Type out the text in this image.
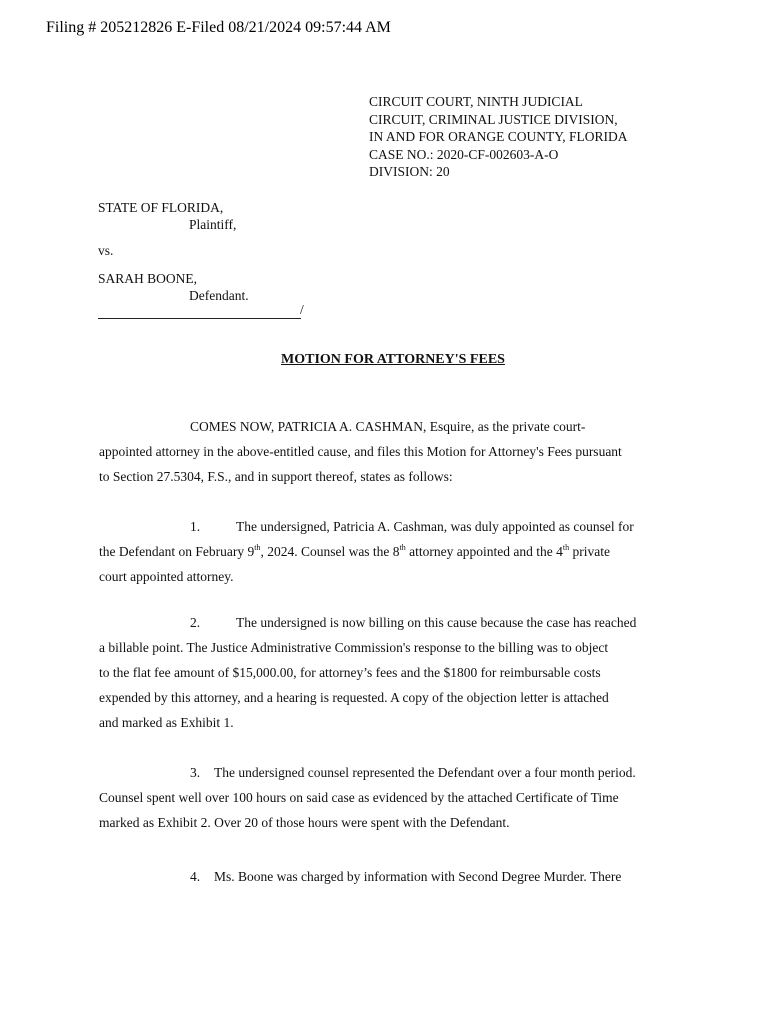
Filing # 205212826 E-Filed 08/21/2024 09:57:44 AM
CIRCUIT COURT, NINTH JUDICIAL
CIRCUIT, CRIMINAL JUSTICE DIVISION,
IN AND FOR ORANGE COUNTY, FLORIDA
CASE NO.: 2020-CF-002603-A-O
DIVISION: 20
STATE OF FLORIDA,
Plaintiff,
vs.
SARAH BOONE,
Defendant.
/
MOTION FOR ATTORNEY'S FEES
COMES NOW, PATRICIA A. CASHMAN, Esquire, as the private court-
appointed attorney in the above-entitled cause, and files this Motion for Attorney's Fees pursuant
to Section 27.5304, F.S., and in support thereof, states as follows:
1.	The undersigned, Patricia A. Cashman, was duly appointed as counsel for
the Defendant on February 9th, 2024. Counsel was the 8th attorney appointed and the 4th private
court appointed attorney.
2.	The undersigned is now billing on this cause because the case has reached
a billable point. The Justice Administrative Commission's response to the billing was to object
to the flat fee amount of $15,000.00, for attorney’s fees and the $1800 for reimbursable costs
expended by this attorney, and a hearing is requested. A copy of the objection letter is attached
and marked as Exhibit 1.
3. The undersigned counsel represented the Defendant over a four month period.
Counsel spent well over 100 hours on said case as evidenced by the attached Certificate of Time
marked as Exhibit 2. Over 20 of those hours were spent with the Defendant.
4. Ms. Boone was charged by information with Second Degree Murder. There
